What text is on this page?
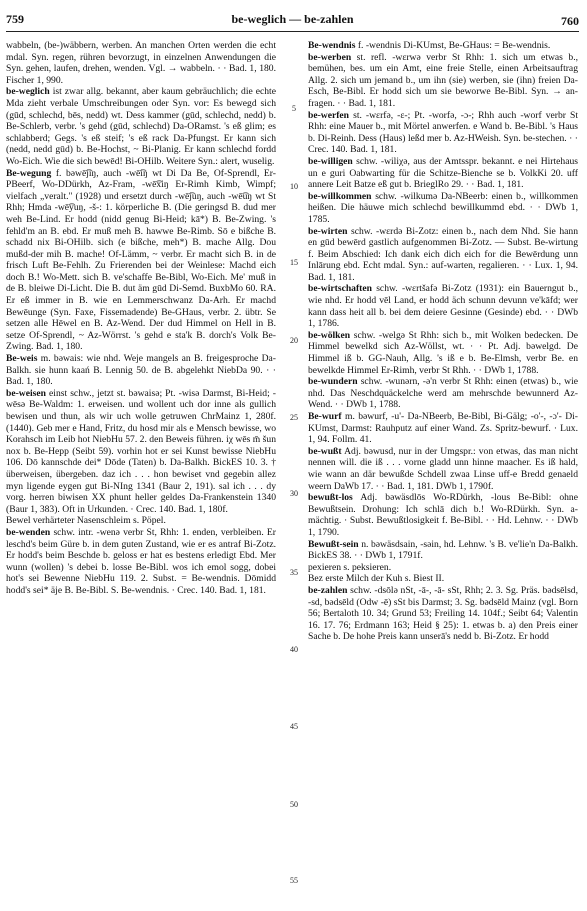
759	be-weglich — be-zahlen	760

wabbeln, (be-)wäbbern, werben. An manchen Orten werden die echt mdal. Syn. regen, rühren bevorzugt, in einzelnen Anwendungen die Syn. gehen, laufen, drehen, wenden. Vgl. → wabbeln. · · Bad. 1, 180. Fischer 1, 990.

be-weglich ist zwar allg. bekannt, aber kaum gebräuchlich; die echte Mda zieht verbale Umschreibungen oder Syn. vor: Es bewegd sich (gūd, schlechd, bēs, nedd) wt. Dess kammer (gūd, schlechd, nedd) b. Be-Schlerb, verbr. 's gehd (gūd, schlechd) Da-ORamst. 's eß glim; es schlabberd; Gegs. 's eß steif; 's eß rack Da-Pfungst. Er kann sich (nedd, nedd gūd) b. Be-Hochst, ~ Bi-Planig. Er kann schlechd fordd Wo-Eich. Wie die sich bewēd! Bi-OHilb. Weitere Syn.: alert, wuselig.

Be-wegung f. bəwē͡jiŋ, auch -wē͡iŋ wt Di Da Be, Of-Sprendl, Er-PBeerf, Wo-DDürkh, Az-Fram, -wē͡xiŋ Er-Rimh Kimb, Wimpf; vielfach „veralt." (1928) und ersetzt durch -wē͡juŋ, auch -wē͡uŋ wt St Rhh; Hmda -wē͡yuŋ, -š-: 1. körperliche B. (Die geringsd B. dud mer weh Be-Lind. Er hodd (nidd genug Bi-Heid; kā*) B. Be-Zwing. 's fehld'm an B. ebd. Er muß meh B. hawwe Be-Rimb. Sō e bißche B. schadd nix Bi-OHilb. sich (e bißche, meh*) B. mache Allg. Dou mußd-der mih B. mache! Of-Lämm, ~ verbr. Er macht sich B. in de frisch Luft Be-Fehlh. Zu Frierenden bei der Weinlese: Machd eich doch B.! Wo-Mett. sich B. ve'schaffe Be-Bibl, Wo-Eich. Me' muß in de B. bleiwe Di-Licht. Die B. dut äm gūd Di-Semd. BuxbMo 60. RA. Er eß immer in B. wie en Lemmerschwanz Da-Arh. Er machd Bewēunge (Syn. Faxe, Fissemadende) Be-GHaus, verbr. 2. übtr. Se setzen alle Hēwel en B. Az-Wend. Der dud Himmel on Hell in B. setze Of-Sprendl, ~ Az-Wörrst. 's gehd e sta'k B. dorch's Volk Be-Zwing. Bad. 1, 180.

Be-weis m. bəwais: wie nhd. Weje mangels an B. freigesproche Da-Balkh. sie hunn kaań B. Lennig 50. de B. abgelehkt NiebDa 90. · · Bad. 1, 180.

be-weisen einst schw., jetzt st. bəwaisə; Pt. -wisə Darmst, Bi-Heid; -wēsə Be-Waldm: 1. erweisen. und wollent uch dor inne als gullich bewisen und thun, als wir uch wolle getruwen ChrMainz 1, 280f. (1440). Geb mer e Hand, Fritz, du hosd mir als e Mensch bewisse, wo Korahsch im Leib hot NiebHu 57. 2. den Beweis führen. iχ wēs m̄ šun nox b. Be-Hepp (Seibt 59). vorhin hot er sei Kunst bewisse NiebHu 106. Dō kannschde dei* Dōde (Taten) b. Da-Balkh. BickES 10. 3. † überweisen, übergeben. daz ich . . . hon bewiset vnd gegebin allez myn ligende eygen gut Bi-NIng 1341 (Baur 2, 191). sal ich . . . dy vorg. herren biwisen XX phunt heller geldes Da-Frankenstein 1340 (Baur 1, 383). Oft in Urkunden. · Crec. 140. Bad. 1, 180f.

Bewel verhärteter Nasenschleim s. Pöpel.

be-wenden schw. intr. -wenə verbr St, Rhh: 1. enden, verbleiben. Er leschd's beim Güre b. in dem guten Zustand, wie er es antraf Bi-Zotz. Er hodd's beim Beschde b. geloss er hat es bestens erledigt Ebd. Mer wunn (wollen) 's debei b. losse Be-Bibl. wos ich emol sogg, dobei hot's sei Bewenne NiebHu 119. 2. Subst. = Be-wendnis. Dōmidd hodd's sei* äje B. Be-Bibl. S. Be-wendnis. · Crec. 140. Bad. 1, 181.

5
10
15
20
25
30
35
40
45
50
55

Be-wendnis f. -wendnis Di-KUmst, Be-GHaus: = Be-wendnis.

be-werben st. refl. -wɛrwə verbr St Rhh: 1. sich um etwas b., bemühen, bes. um ein Amt, eine freie Stelle, einen Arbeitsauftrag Allg. 2. sich um jemand b., um ihn (sie) werben, sie (ihn) freien Da-Esch, Be-Bibl. Er hodd sich um sie beworwe Be-Bibl. Syn. → an-fragen. · · Bad. 1, 181.

be-werfen st. -wɛrfə, -ɛ-; Pt. -worfə, -ɔ-; Rhh auch -worf verbr St Rhh: eine Mauer b., mit Mörtel anwerfen. e Wand b. Be-Bibl. 's Haus b. Di-Reinh. Dess (Haus) leßd mer b. Az-HWeish. Syn. be-stechen. · · Crec. 140. Bad. 1, 181.

be-willigen schw. -wiliχə, aus der Amtsspr. bekannt. e nei Hirtehaus un e guri Oabwarting für die Schitze-Bienche se b. VolkKi 20. uff annere Leit Batze eß gut b. BrieglRo 29. · · Bad. 1, 181.

be-willkommen schw. -wilkumə Da-NBeerb: einen b., willkommen heißen. Die häuwe mich schlechd bewillkummd ebd. · · DWb 1, 1785.

be-wirten schw. -wɛrdə Bi-Zotz: einen b., nach dem Nhd. Sie hann en gūd bewērd gastlich aufgenommen Bi-Zotz. — Subst. Be-wirtung f. Beim Abschied: Ich dank eich dich eich for die Bewērdung unn Inlārung ebd. Echt mdal. Syn.: auf-warten, regalieren. · · Lux. 1, 94. Bad. 1, 181.

be-wirtschaften schw. -wɛrtšafə Bi-Zotz (1931): ein Bauerngut b., wie nhd. Er hodd vēl Land, er hodd äch schunn devunn ve'kāfd; wer kann dass heit all b. bei dem deiere Gesinne (Gesinde) ebd. · · DWb 1, 1786.

be-wölken schw. -welgə St Rhh: sich b., mit Wolken bedecken. De Himmel bewelkd sich Az-Wöllst, wt. · · Pt. Adj. bəwelgd. De Himmel iß b. GG-Nauh, Allg. 's iß e b. Be-Elmsh, verbr Be. en bewelkde Himmel Er-Rimh, verbr St Rhh. · · DWb 1, 1788.

be-wundern schw. -wunərn, -ə'n verbr St Rhh: einen (etwas) b., wie nhd. Das Neschdquäckelche werd am mehrschde bewunnerd Az-Wend. · · DWb 1, 1788.

Be-wurf m. bəwurf, -u'- Da-NBeerb, Be-Bibl, Bi-Gälg; -o'-, -ɔ'- Di-KUmst, Darmst: Rauhputz auf einer Wand. Zs. Spritz-bewurf. · Lux. 1, 94. Follm. 41.

be-wußt Adj. bəwusd, nur in der Umgspr.: von etwas, das man nicht nennen will. die iß . . . vorne gladd unn hinne maacher. Es iß hald, wie wann an där bewußde Schdell zwaa Linse uff-e Bredd genaeld weern DaWb 17. · · Bad. 1, 181. DWb 1, 1790f.

bewußt-los Adj. bəwäsdlōs Wo-RDürkh, -lous Be-Bibl: ohne Bewußtsein. Drohung: Ich schlā dich b.! Wo-RDürkh. Syn. a-mächtig. · Subst. Bewußtlosigkeit f. Be-Bibl. · · Hd. Lehnw. · · DWb 1, 1790.

Bewußt-sein n. bəwäsdsain, -səin, hd. Lehnw. 's B. ve'lie'n Da-Balkh. BickES 38. · · DWb 1, 1791f.

pexieren s. peksieren.

Bez erste Milch der Kuh s. Biest II.

be-zahlen schw. -dsōlə nSt, -ā-, -ā- sSt, Rhh; 2. 3. Sg. Präs. bədsēlsd, -sd, bədsēld (Odw -ē) sSt bis Darmst; 3. Sg. bədsēld Mainz (vgl. Born 56; Bertaloth 10. 34; Grund 53; Freiling 14. 104f.; Seibt 64; Valentin 16. 17. 76; Erdmann 163; Heid § 25): 1. etwas b. a) den Preis einer Sache b. De hohe Preis kann unserā's nedd b. Bi-Zotz. Er hodd
